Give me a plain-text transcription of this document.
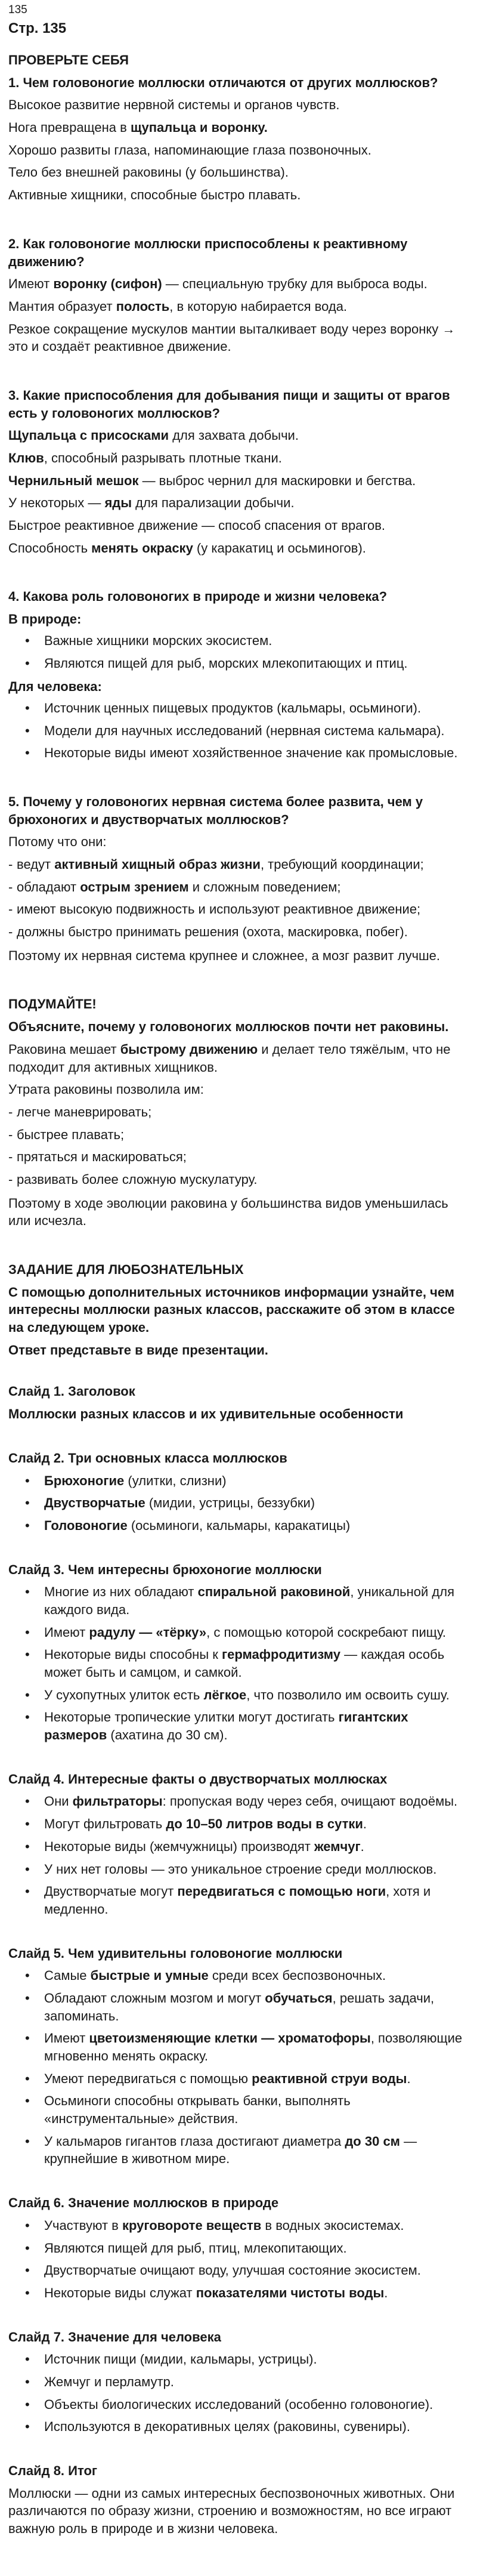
135
Стр. 135
ПРОВЕРЬТЕ СЕБЯ
1. Чем головоногие моллюски отличаются от других моллюсков?

Высокое развитие нервной системы и органов чувств.

Нога превращена в щупальца и воронку.

Хорошо развиты глаза, напоминающие глаза позвоночных.

Тело без внешней раковины (у большинства).

Активные хищники, способные быстро плавать.

2. Как головоногие моллюски приспособлены к реактивному движению?

Имеют воронку (сифон) — специальную трубку для выброса воды.

Мантия образует полость, в которую набирается вода.

Резкое сокращение мускулов мантии выталкивает воду через воронку → это и создаёт реактивное движение.

3. Какие приспособления для добывания пищи и защиты от врагов есть у головоногих моллюсков?

Щупальца с присосками для захвата добычи.

Клюв, способный разрывать плотные ткани.

Чернильный мешок — выброс чернил для маскировки и бегства.

У некоторых — яды для парализации добычи.

Быстрое реактивное движение — способ спасения от врагов.

Способность менять окраску (у каракатиц и осьминогов).

4. Какова роль головоногих в природе и жизни человека?
В природе:
• Важные хищники морских экосистем.
• Являются пищей для рыб, морских млекопитающих и птиц.
Для человека:
• Источник ценных пищевых продуктов (кальмары, осьминоги).
• Модели для научных исследований (нервная система кальмара).
• Некоторые виды имеют хозяйственное значение как промысловые.
5. Почему у головоногих нервная система более развита, чем у брюхоногих и двустворчатых моллюсков?

Потому что они:

- ведут активный хищный образ жизни, требующий координации;
- обладают острым зрением и сложным поведением;
- имеют высокую подвижность и используют реактивное движение;
- должны быстро принимать решения (охота, маскировка, побег).

Поэтому их нервная система крупнее и сложнее, а мозг развит лучше.

ПОДУМАЙТЕ!
Объясните, почему у головоногих моллюсков почти нет раковины.

Раковина мешает быстрому движению и делает тело тяжёлым, что не подходит для активных хищников.

Утрата раковины позволила им:

- легче маневрировать;
- быстрее плавать;
- прятаться и маскироваться;
- развивать более сложную мускулатуру.

Поэтому в ходе эволюции раковина у большинства видов уменьшилась или исчезла.

ЗАДАНИЕ ДЛЯ ЛЮБОЗНАТЕЛЬНЫХ
С помощью дополнительных источников информации узнайте, чем интересны моллюски разных классов, расскажите об этом в классе на следующем уроке.
Ответ представьте в виде презентации.
Слайд 1. Заголовок

Моллюски разных классов и их удивительные особенности

Слайд 2. Три основных класса моллюсков
• Брюхоногие (улитки, слизни)
• Двустворчатые (мидии, устрицы, беззубки)
• Головоногие (осьминоги, кальмары, каракатицы)
Слайд 3. Чем интересны брюхоногие моллюски
• Многие из них обладают спиральной раковиной, уникальной для каждого вида.
• Имеют радулу — «тёрку», с помощью которой соскребают пищу.
• Некоторые виды способны к гермафродитизму — каждая особь может быть и самцом, и самкой.
• У сухопутных улиток есть лёгкое, что позволило им освоить сушу.
• Некоторые тропические улитки могут достигать гигантских размеров (ахатина до 30 см).
Слайд 4. Интересные факты о двустворчатых моллюсках
• Они фильтраторы: пропуская воду через себя, очищают водоёмы.
• Могут фильтровать до 10–50 литров воды в сутки.
• Некоторые виды (жемчужницы) производят жемчуг.
• У них нет головы — это уникальное строение среди моллюсков.
• Двустворчатые могут передвигаться с помощью ноги, хотя и медленно.
Слайд 5. Чем удивительны головоногие моллюски
• Самые быстрые и умные среди всех беспозвоночных.
• Обладают сложным мозгом и могут обучаться, решать задачи, запоминать.
• Имеют цветоизменяющие клетки — хроматофоры, позволяющие мгновенно менять окраску.
• Умеют передвигаться с помощью реактивной струи воды.
• Осьминоги способны открывать банки, выполнять «инструментальные» действия.
• У кальмаров гигантов глаза достигают диаметра до 30 см — крупнейшие в животном мире.
Слайд 6. Значение моллюсков в природе
• Участвуют в круговороте веществ в водных экосистемах.
• Являются пищей для рыб, птиц, млекопитающих.
• Двустворчатые очищают воду, улучшая состояние экосистем.
• Некоторые виды служат показателями чистоты воды.
Слайд 7. Значение для человека
• Источник пищи (мидии, кальмары, устрицы).
• Жемчуг и перламутр.
• Объекты биологических исследований (особенно головоногие).
• Используются в декоративных целях (раковины, сувениры).
Слайд 8. Итог

Моллюски — одни из самых интересных беспозвоночных животных. Они различаются по образу жизни, строению и возможностям, но все играют важную роль в природе и в жизни человека.
